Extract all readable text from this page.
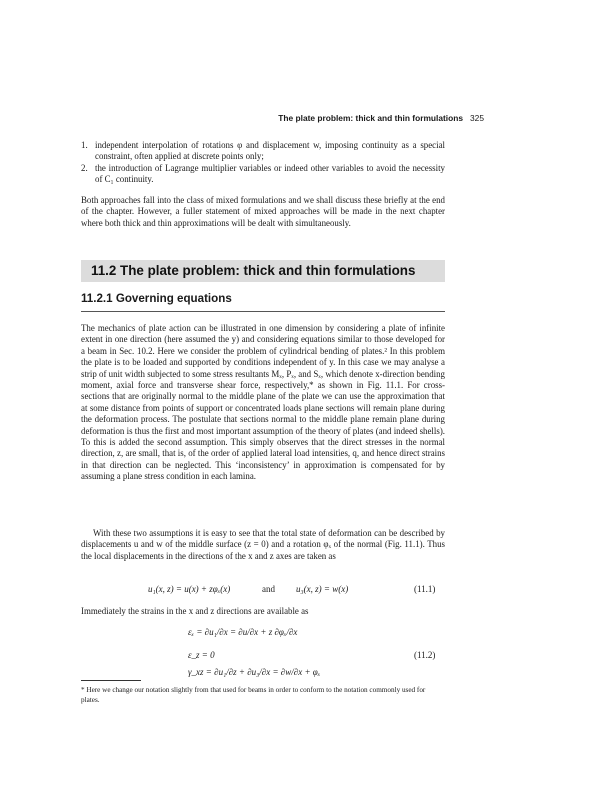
The plate problem: thick and thin formulations 325
1. independent interpolation of rotations φ and displacement w, imposing continuity as a special constraint, often applied at discrete points only;
2. the introduction of Lagrange multiplier variables or indeed other variables to avoid the necessity of C₁ continuity.
Both approaches fall into the class of mixed formulations and we shall discuss these briefly at the end of the chapter. However, a fuller statement of mixed approaches will be made in the next chapter where both thick and thin approximations will be dealt with simultaneously.
11.2 The plate problem: thick and thin formulations
11.2.1 Governing equations
The mechanics of plate action can be illustrated in one dimension by considering a plate of infinite extent in one direction (here assumed the y) and considering equations similar to those developed for a beam in Sec. 10.2. Here we consider the problem of cylindrical bending of plates.² In this problem the plate is to be loaded and supported by conditions independent of y. In this case we may analyse a strip of unit width subjected to some stress resultants Mₓ, Pₓ, and Sₓ, which denote x-direction bending moment, axial force and transverse shear force, respectively,* as shown in Fig. 11.1. For cross-sections that are originally normal to the middle plane of the plate we can use the approximation that at some distance from points of support or concentrated loads plane sections will remain plane during the deformation process. The postulate that sections normal to the middle plane remain plane during deformation is thus the first and most important assumption of the theory of plates (and indeed shells). To this is added the second assumption. This simply observes that the direct stresses in the normal direction, z, are small, that is, of the order of applied lateral load intensities, q, and hence direct strains in that direction can be neglected. This ‘inconsistency’ in approximation is compensated for by assuming a plane stress condition in each lamina.
With these two assumptions it is easy to see that the total state of deformation can be described by displacements u and w of the middle surface (z = 0) and a rotation φₓ of the normal (Fig. 11.1). Thus the local displacements in the directions of the x and z axes are taken as
u₁(x, z) = u(x) + zφₓ(x)	and u₃(x, z) = w(x)	(11.1)
Immediately the strains in the x and z directions are available as
εₓ = ∂u₁/∂x = ∂u/∂x + z ∂φₓ/∂x
ε_z = 0
γ_xz = ∂u₁/∂z + ∂u₃/∂x = ∂w/∂x + φₓ
(11.2)
* Here we change our notation slightly from that used for beams in order to conform to the notation commonly used for plates.
